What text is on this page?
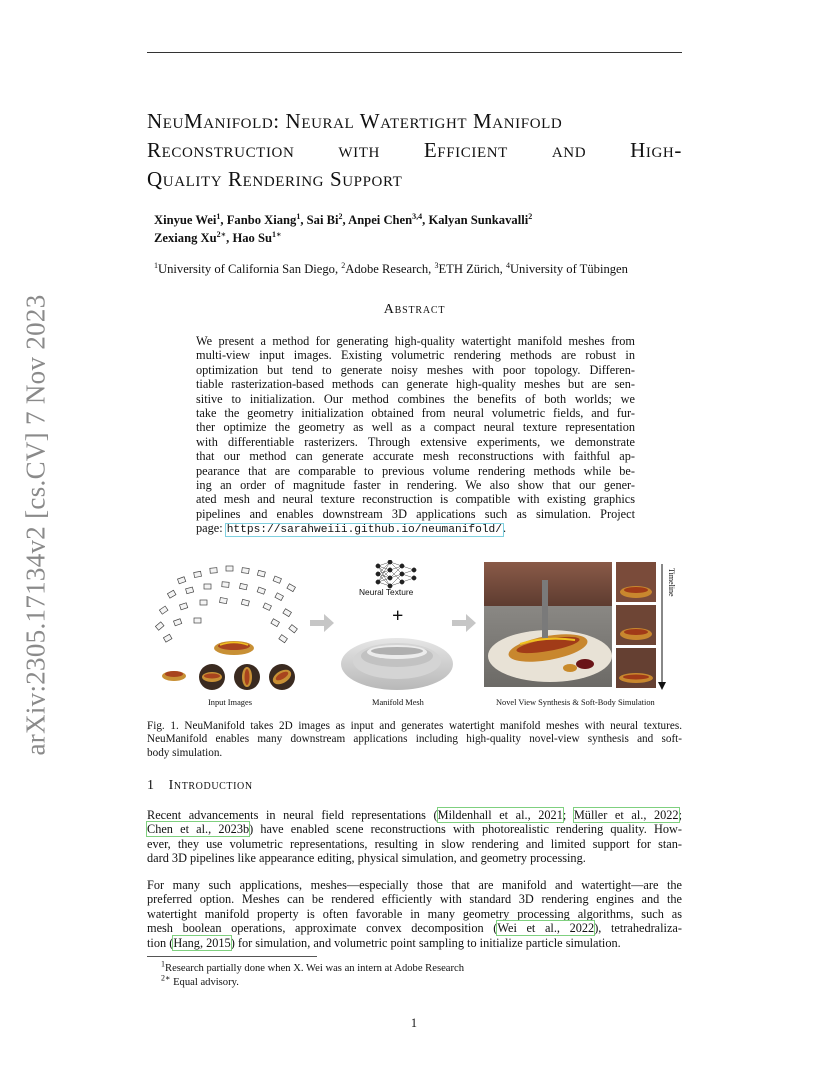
arXiv:2305.17134v2 [cs.CV] 7 Nov 2023
NeuManifold: Neural Watertight Manifold
Reconstruction with Efficient and High-
Quality Rendering Support
Xinyue Wei$^1$, Fanbo Xiang$^1$, Sai Bi$^2$, Anpei Chen$^{3,4}$, Kalyan Sunkavalli$^2$
Zexiang $Xu^{2∗}$, Hao $Su^{1∗}$
$^1$University of California San Diego, $^2$Adobe Research, $^3$ETH Zürich, $^4$University of Tübingen
Abstract
We present a method for generating high-quality watertight manifold meshes from
multi-view input images. Existing volumetric rendering methods are robust in
optimization but tend to generate noisy meshes with poor topology. Differen-
tiable rasterization-based methods can generate high-quality meshes but are sen-
sitive to initialization. Our method combines the benefits of both worlds; we
take the geometry initialization obtained from neural volumetric fields, and fur-
ther optimize the geometry as well as a compact neural texture representation
with differentiable rasterizers. Through extensive experiments, we demonstrate
that our method can generate accurate mesh reconstructions with faithful ap-
pearance that are comparable to previous volume rendering methods while be-
ing an order of magnitude faster in rendering. We also show that our gener-
ated mesh and neural texture reconstruction is compatible with existing graphics
pipelines and enables downstream 3D applications such as simulation. Project
page: https://sarahweiii.github.io/neumanifold/.
Neural Texture
+
Timeline
Input Images	Manifold Mesh	Novel View Synthesis & Soft-Body Simulation
Fig. 1. NeuManifold takes 2D images as input and generates watertight manifold meshes with neural textures.
NeuManifold enables many downstream applications including high-quality novel-view synthesis and soft-
body simulation.
1 Introduction
Recent advancements in neural field representations (Mildenhall et al., 2021; Müller et al., 2022;
Chen et al., 2023b) have enabled scene reconstructions with photorealistic rendering quality. How-
ever, they use volumetric representations, resulting in slow rendering and limited support for stan-
dard 3D pipelines like appearance editing, physical simulation, and geometry processing.
For many such applications, meshes—especially those that are manifold and watertight—are the
preferred option. Meshes can be rendered efficiently with standard 3D rendering engines and the
watertight manifold property is often favorable in many geometry processing algorithms, such as
mesh boolean operations, approximate convex decomposition (Wei et al., 2022), tetrahedraliza-
tion (Hang, 2015) for simulation, and volumetric point sampling to initialize particle simulation.
$^1$Research partially done when X. Wei was an intern at Adobe Research
$^{2∗}$ Equal advisory.
1
